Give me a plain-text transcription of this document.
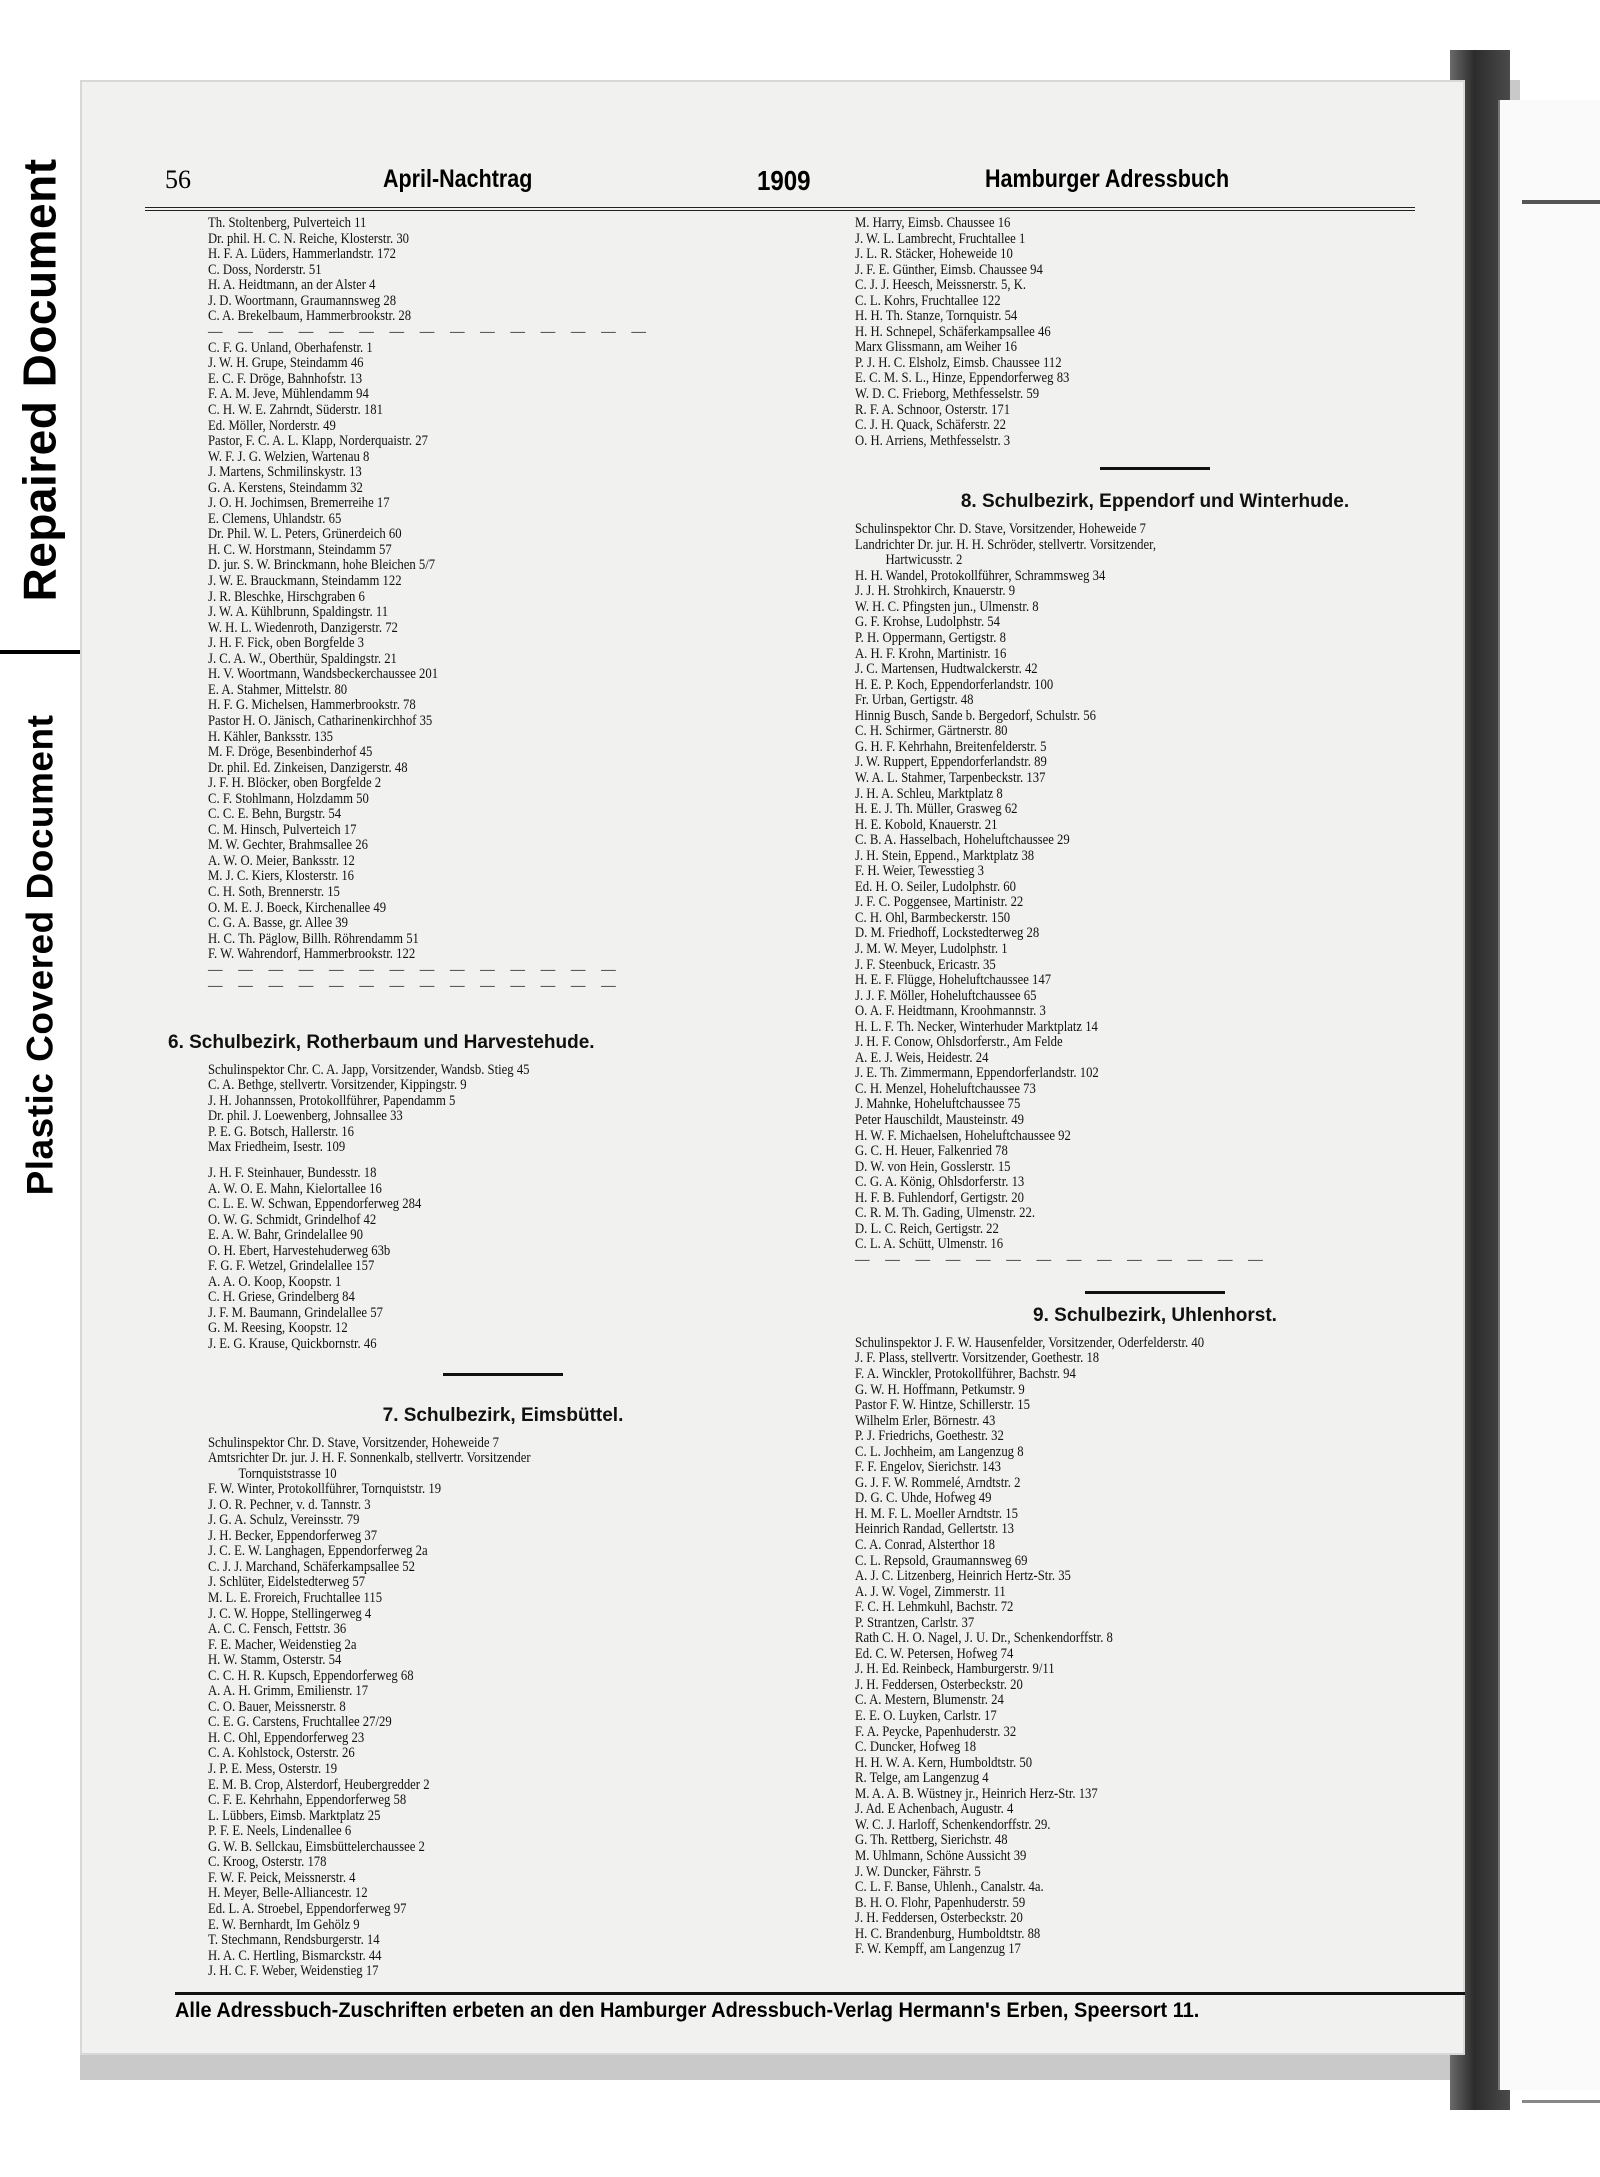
Repaired Document
Plastic Covered Document
56	April-Nachtrag	1909	Hamburger Adressbuch
Th. Stoltenberg, Pulverteich 11
Dr. phil. H. C. N. Reiche, Klosterstr. 30
H. F. A. Lüders, Hammerlandstr. 172
C. Doss, Norderstr. 51
H. A. Heidtmann, an der Alster 4
J. D. Woortmann, Graumannsweg 28
C. A. Brekelbaum, Hammerbrookstr. 28
— — — — — — — — — — — — — — —
C. F. G. Unland, Oberhafenstr. 1
J. W. H. Grupe, Steindamm 46
E. C. F. Dröge, Bahnhofstr. 13
F. A. M. Jeve, Mühlendamm 94
C. H. W. E. Zahrndt, Süderstr. 181
Ed. Möller, Norderstr. 49
Pastor, F. C. A. L. Klapp, Norderquaistr. 27
W. F. J. G. Welzien, Wartenau 8
J. Martens, Schmilinskystr. 13
G. A. Kerstens, Steindamm 32
J. O. H. Jochimsen, Bremerreihe 17
E. Clemens, Uhlandstr. 65
Dr. Phil. W. L. Peters, Grünerdeich 60
H. C. W. Horstmann, Steindamm 57
D. jur. S. W. Brinckmann, hohe Bleichen 5/7
J. W. E. Brauckmann, Steindamm 122
J. R. Bleschke, Hirschgraben 6
J. W. A. Kühlbrunn, Spaldingstr. 11
W. H. L. Wiedenroth, Danzigerstr. 72
J. H. F. Fick, oben Borgfelde 3
J. C. A. W., Oberthür, Spaldingstr. 21
H. V. Woortmann, Wandsbeckerchaussee 201
E. A. Stahmer, Mittelstr. 80
H. F. G. Michelsen, Hammerbrookstr. 78
Pastor H. O. Jänisch, Catharinenkirchhof 35
H. Kähler, Banksstr. 135
M. F. Dröge, Besenbinderhof 45
Dr. phil. Ed. Zinkeisen, Danzigerstr. 48
J. F. H. Blöcker, oben Borgfelde 2
C. F. Stohlmann, Holzdamm 50
C. C. E. Behn, Burgstr. 54
C. M. Hinsch, Pulverteich 17
M. W. Gechter, Brahmsallee 26
A. W. O. Meier, Banksstr. 12
M. J. C. Kiers, Klosterstr. 16
C. H. Soth, Brennerstr. 15
O. M. E. J. Boeck, Kirchenallee 49
C. G. A. Basse, gr. Allee 39
H. C. Th. Päglow, Billh. Röhrendamm 51
F. W. Wahrendorf, Hammerbrookstr. 122
— — — — — — — — — — — — — —
— — — — — — — — — — — — — —
6. Schulbezirk, Rotherbaum und Harvestehude.
Schulinspektor Chr. C. A. Japp, Vorsitzender, Wandsb. Stieg 45
C. A. Bethge, stellvertr. Vorsitzender, Kippingstr. 9
J. H. Johannssen, Protokollführer, Papendamm 5
Dr. phil. J. Loewenberg, Johnsallee 33
P. E. G. Botsch, Hallerstr. 16
Max Friedheim, Isestr. 109
J. H. F. Steinhauer, Bundesstr. 18
A. W. O. E. Mahn, Kielortallee 16
C. L. E. W. Schwan, Eppendorferweg 284
O. W. G. Schmidt, Grindelhof 42
E. A. W. Bahr, Grindelallee 90
O. H. Ebert, Harvestehuderweg 63b
F. G. F. Wetzel, Grindelallee 157
A. A. O. Koop, Koopstr. 1
C. H. Griese, Grindelberg 84
J. F. M. Baumann, Grindelallee 57
G. M. Reesing, Koopstr. 12
J. E. G. Krause, Quickbornstr. 46
7. Schulbezirk, Eimsbüttel.
Schulinspektor Chr. D. Stave, Vorsitzender, Hoheweide 7
Amtsrichter Dr. jur. J. H. F. Sonnenkalb, stellvertr. Vorsitzender
Tornquiststrasse 10
F. W. Winter, Protokollführer, Tornquiststr. 19
J. O. R. Pechner, v. d. Tannstr. 3
J. G. A. Schulz, Vereinsstr. 79
J. H. Becker, Eppendorferweg 37
J. C. E. W. Langhagen, Eppendorferweg 2a
C. J. J. Marchand, Schäferkampsallee 52
J. Schlüter, Eidelstedterweg 57
M. L. E. Froreich, Fruchtallee 115
J. C. W. Hoppe, Stellingerweg 4
A. C. C. Fensch, Fettstr. 36
F. E. Macher, Weidenstieg 2a
H. W. Stamm, Osterstr. 54
C. C. H. R. Kupsch, Eppendorferweg 68
A. A. H. Grimm, Emilienstr. 17
C. O. Bauer, Meissnerstr. 8
C. E. G. Carstens, Fruchtallee 27/29
H. C. Ohl, Eppendorferweg 23
C. A. Kohlstock, Osterstr. 26
J. P. E. Mess, Osterstr. 19
E. M. B. Crop, Alsterdorf, Heubergredder 2
C. F. E. Kehrhahn, Eppendorferweg 58
L. Lübbers, Eimsb. Marktplatz 25
P. F. E. Neels, Lindenallee 6
G. W. B. Sellckau, Eimsbüttelerchaussee 2
C. Kroog, Osterstr. 178
F. W. F. Peick, Meissnerstr. 4
H. Meyer, Belle-Alliancestr. 12
Ed. L. A. Stroebel, Eppendorferweg 97
E. W. Bernhardt, Im Gehölz 9
T. Stechmann, Rendsburgerstr. 14
H. A. C. Hertling, Bismarckstr. 44
J. H. C. F. Weber, Weidenstieg 17
M. Harry, Eimsb. Chaussee 16
J. W. L. Lambrecht, Fruchtallee 1
J. L. R. Stäcker, Hoheweide 10
J. F. E. Günther, Eimsb. Chaussee 94
C. J. J. Heesch, Meissnerstr. 5, K.
C. L. Kohrs, Fruchtallee 122
H. H. Th. Stanze, Tornquistr. 54
H. H. Schnepel, Schäferkampsallee 46
Marx Glissmann, am Weiher 16
P. J. H. C. Elsholz, Eimsb. Chaussee 112
E. C. M. S. L., Hinze, Eppendorferweg 83
W. D. C. Frieborg, Methfesselstr. 59
R. F. A. Schnoor, Osterstr. 171
C. J. H. Quack, Schäferstr. 22
O. H. Arriens, Methfesselstr. 3
8. Schulbezirk, Eppendorf und Winterhude.
Schulinspektor Chr. D. Stave, Vorsitzender, Hoheweide 7
Landrichter Dr. jur. H. H. Schröder, stellvertr. Vorsitzender,
Hartwicusstr. 2
H. H. Wandel, Protokollführer, Schrammsweg 34
J. J. H. Strohkirch, Knauerstr. 9
W. H. C. Pfingsten jun., Ulmenstr. 8
G. F. Krohse, Ludolphstr. 54
P. H. Oppermann, Gertigstr. 8
A. H. F. Krohn, Martinistr. 16
J. C. Martensen, Hudtwalckerstr. 42
H. E. P. Koch, Eppendorferlandstr. 100
Fr. Urban, Gertigstr. 48
Hinnig Busch, Sande b. Bergedorf, Schulstr. 56
C. H. Schirmer, Gärtnerstr. 80
G. H. F. Kehrhahn, Breitenfelderstr. 5
J. W. Ruppert, Eppendorferlandstr. 89
W. A. L. Stahmer, Tarpenbeckstr. 137
J. H. A. Schleu, Marktplatz 8
H. E. J. Th. Müller, Grasweg 62
H. E. Kobold, Knauerstr. 21
C. B. A. Hasselbach, Hoheluftchaussee 29
J. H. Stein, Eppend., Marktplatz 38
F. H. Weier, Tewesstieg 3
Ed. H. O. Seiler, Ludolphstr. 60
J. F. C. Poggensee, Martinistr. 22
C. H. Ohl, Barmbeckerstr. 150
D. M. Friedhoff, Lockstedterweg 28
J. M. W. Meyer, Ludolphstr. 1
J. F. Steenbuck, Ericastr. 35
H. E. F. Flügge, Hoheluftchaussee 147
J. J. F. Möller, Hoheluftchaussee 65
O. A. F. Heidtmann, Kroohmannstr. 3
H. L. F. Th. Necker, Winterhuder Marktplatz 14
J. H. F. Conow, Ohlsdorferstr., Am Felde
A. E. J. Weis, Heidestr. 24
J. E. Th. Zimmermann, Eppendorferlandstr. 102
C. H. Menzel, Hoheluftchaussee 73
J. Mahnke, Hoheluftchaussee 75
Peter Hauschildt, Mausteinstr. 49
H. W. F. Michaelsen, Hoheluftchaussee 92
G. C. H. Heuer, Falkenried 78
D. W. von Hein, Gosslerstr. 15
C. G. A. König, Ohlsdorferstr. 13
H. F. B. Fuhlendorf, Gertigstr. 20
C. R. M. Th. Gading, Ulmenstr. 22.
D. L. C. Reich, Gertigstr. 22
C. L. A. Schütt, Ulmenstr. 16
— — — — — — — — — — — — — —
9. Schulbezirk, Uhlenhorst.
Schulinspektor J. F. W. Hausenfelder, Vorsitzender, Oderfelderstr. 40
J. F. Plass, stellvertr. Vorsitzender, Goethestr. 18
F. A. Winckler, Protokollführer, Bachstr. 94
G. W. H. Hoffmann, Petkumstr. 9
Pastor F. W. Hintze, Schillerstr. 15
Wilhelm Erler, Börnestr. 43
P. J. Friedrichs, Goethestr. 32
C. L. Jochheim, am Langenzug 8
F. F. Engelov, Sierichstr. 143
G. J. F. W. Rommelé, Arndtstr. 2
D. G. C. Uhde, Hofweg 49
H. M. F. L. Moeller Arndtstr. 15
Heinrich Randad, Gellertstr. 13
C. A. Conrad, Alsterthor 18
C. L. Repsold, Graumannsweg 69
A. J. C. Litzenberg, Heinrich Hertz-Str. 35
A. J. W. Vogel, Zimmerstr. 11
F. C. H. Lehmkuhl, Bachstr. 72
P. Strantzen, Carlstr. 37
Rath C. H. O. Nagel, J. U. Dr., Schenkendorffstr. 8
Ed. C. W. Petersen, Hofweg 74
J. H. Ed. Reinbeck, Hamburgerstr. 9/11
J. H. Feddersen, Osterbeckstr. 20
C. A. Mestern, Blumenstr. 24
E. E. O. Luyken, Carlstr. 17
F. A. Peycke, Papenhuderstr. 32
C. Duncker, Hofweg 18
H. H. W. A. Kern, Humboldtstr. 50
R. Telge, am Langenzug 4
M. A. A. B. Wüstney jr., Heinrich Herz-Str. 137
J. Ad. E Achenbach, Augustr. 4
W. C. J. Harloff, Schenkendorffstr. 29.
G. Th. Rettberg, Sierichstr. 48
M. Uhlmann, Schöne Aussicht 39
J. W. Duncker, Fährstr. 5
C. L. F. Banse, Uhlenh., Canalstr. 4a.
B. H. O. Flohr, Papenhuderstr. 59
J. H. Feddersen, Osterbeckstr. 20
H. C. Brandenburg, Humboldtstr. 88
F. W. Kempff, am Langenzug 17
Alle Adressbuch-Zuschriften erbeten an den Hamburger Adressbuch-Verlag Hermann's Erben, Speersort 11.
